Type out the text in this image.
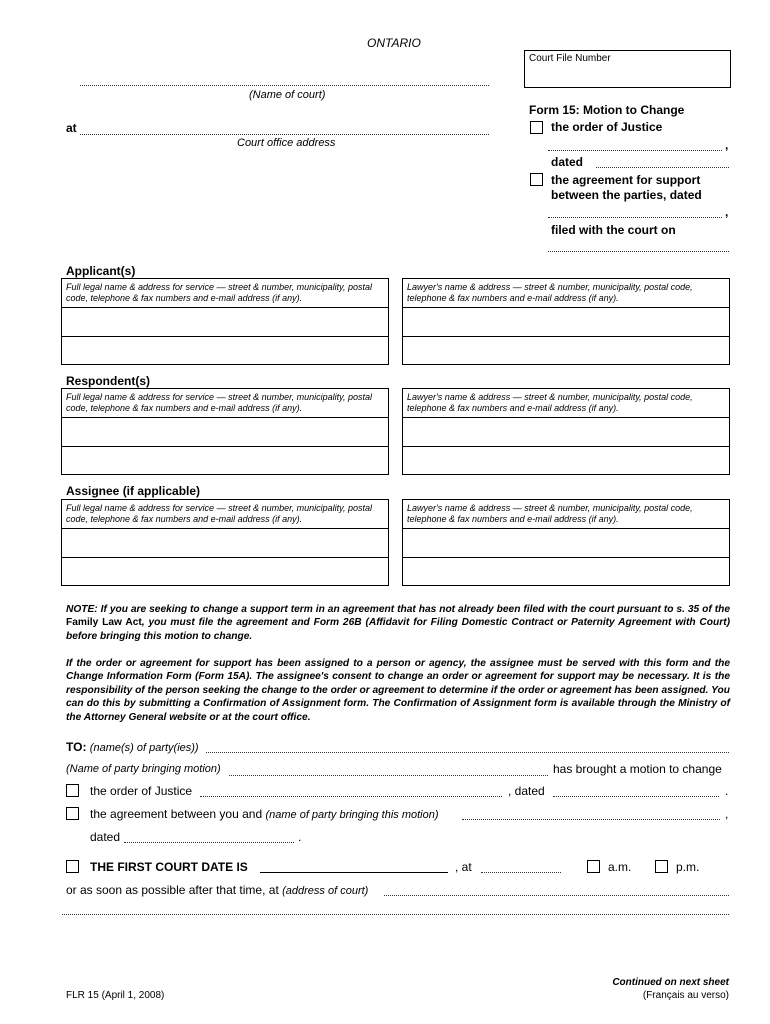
ONTARIO
Court File Number
(Name of court)
at
Court office address
Form 15: Motion to Change
the order of Justice
,
dated
the agreement for support
between the parties, dated
,
filed with the court on
Applicant(s)
Full legal name & address for service — street & number, municipality, postal code, telephone & fax numbers and e-mail address (if any).
Lawyer's name & address — street & number, municipality, postal code, telephone & fax numbers and e-mail address (if any).
Respondent(s)
Full legal name & address for service — street & number, municipality, postal code, telephone & fax numbers and e-mail address (if any).
Lawyer's name & address — street & number, municipality, postal code, telephone & fax numbers and e-mail address (if any).
Assignee (if applicable)
Full legal name & address for service — street & number, municipality, postal code, telephone & fax numbers and e-mail address (if any).
Lawyer's name & address — street & number, municipality, postal code, telephone & fax numbers and e-mail address (if any).
NOTE: If you are seeking to change a support term in an agreement that has not already been filed with the court pursuant to s. 35 of the Family Law Act, you must file the agreement and Form 26B (Affidavit for Filing Domestic Contract or Paternity Agreement with Court) before bringing this motion to change.
If the order or agreement for support has been assigned to a person or agency, the assignee must be served with this form and the Change Information Form (Form 15A). The assignee's consent to change an order or agreement for support may be necessary. It is the responsibility of the person seeking the change to the order or agreement to determine if the order or agreement has been assigned. You can do this by submitting a Confirmation of Assignment form. The Confirmation of Assignment form is available through the Ministry of the Attorney General website or at the court office.
TO: (name(s) of party(ies))
(Name of party bringing motion)	has brought a motion to change
the order of Justice	, dated	.
the agreement between you and (name of party bringing this motion)	,
dated	.
THE FIRST COURT DATE IS	, at	a.m.	p.m.
or as soon as possible after that time, at (address of court)
FLR 15 (April 1, 2008)
Continued on next sheet
(Français au verso)
